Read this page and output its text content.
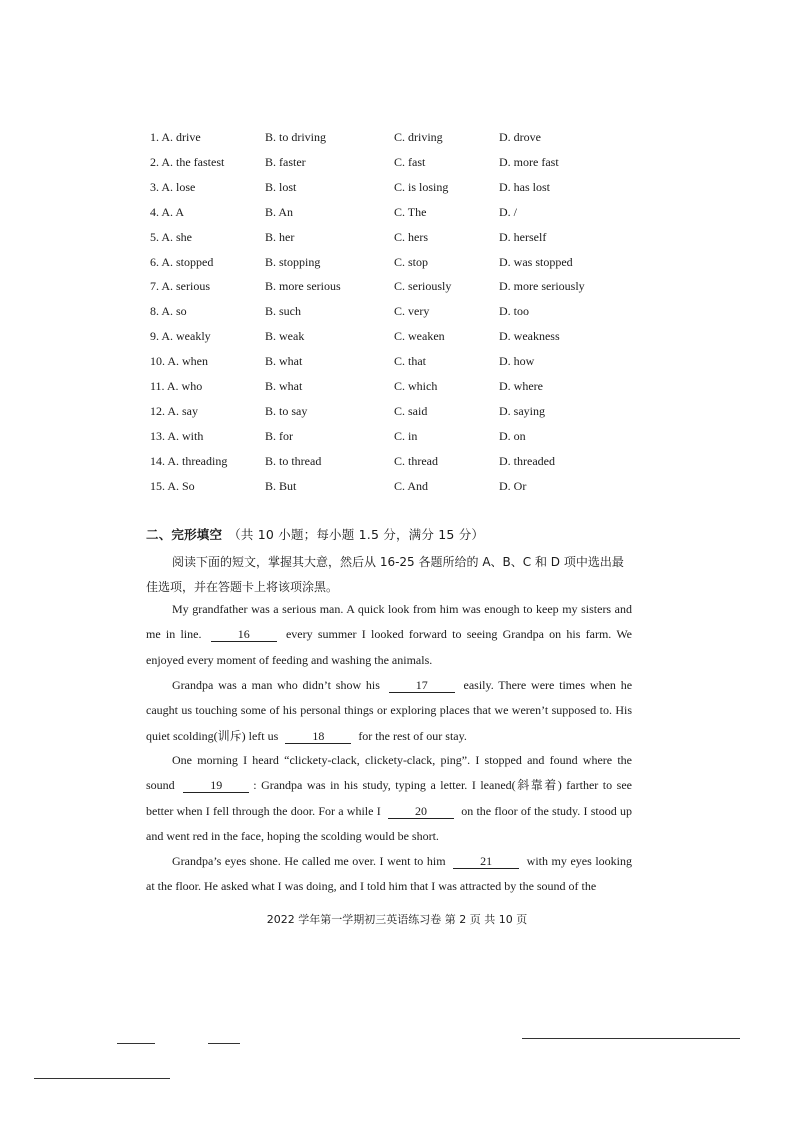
1. A. drive	B. to driving	C. driving	D. drove
2. A. the fastest	B. faster	C. fast	D. more fast
3. A. lose	B. lost	C. is losing	D. has lost
4. A. A	B. An	C. The	D. /
5. A. she	B. her	C. hers	D. herself
6. A. stopped	B. stopping	C. stop	D. was stopped
7. A. serious	B. more serious	C. seriously	D. more seriously
8. A. so	B. such	C. very	D. too
9. A. weakly	B. weak	C. weaken	D. weakness
10. A. when	B. what	C. that	D. how
11. A. who	B. what	C. which	D. where
12. A. say	B. to say	C. said	D. saying
13. A. with	B. for	C. in	D. on
14. A. threading	B. to thread	C. thread	D. threaded
15. A. So	B. But	C. And	D. Or
二、完形填空 （共 10 小题；每小题 1.5 分，满分 15 分）
阅读下面的短文，掌握其大意，然后从 16-25 各题所给的 A、B、C 和 D 项中选出最佳选项，并在答题卡上将该项涂黑。
My grandfather was a serious man. A quick look from him was enough to keep my sisters and me in line.	16	every summer I looked forward to seeing Grandpa on his farm. We enjoyed every moment of feeding and washing the animals.
Grandpa was a man who didn’t show his	17	easily. There were times when he caught us touching some of his personal things or exploring places that we weren’t supposed to. His quiet scolding(训斥) left us	18	for the rest of our stay.
One morning I heard “clickety-clack, clickety-clack, ping”. I stopped and found where the sound	19	: Grandpa was in his study, typing a letter. I leaned(斜靠着) farther to see better when I fell through the door. For a while I	20	on the floor of the study. I stood up and went red in the face, hoping the scolding would be short.
Grandpa’s eyes shone. He called me over. I went to him	21	with my eyes looking at the floor. He asked what I was doing, and I told him that I was attracted by the sound of the
2022 学年第一学期初三英语练习卷 第 2 页 共 10 页
